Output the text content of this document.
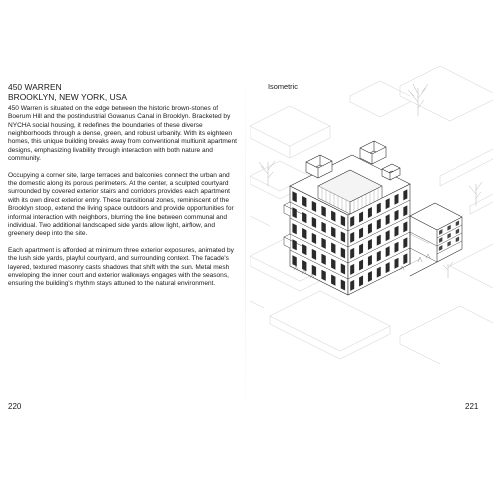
450 WARREN
BROOKLYN, NEW YORK, USA

450 Warren is situated on the edge between the historic brown-stones of Boerum Hill and the postindustrial Gowanus Canal in Brooklyn. Bracketed by NYCHA social housing, it redefines the boundaries of these diverse neighborhoods through a dense, green, and robust urbanity. With its eighteen homes, this unique building breaks away from conventional multiunit apartment designs, emphasizing livability through interaction with both nature and community.

Occupying a corner site, large terraces and balconies connect the urban and the domestic along its porous perimeters. At the center, a sculpted courtyard surrounded by covered exterior stairs and corridors provides each apartment with its own direct exterior entry. These transitional zones, reminiscent of the Brooklyn stoop, extend the living space outdoors and provide opportunities for informal interaction with neighbors, blurring the line between communal and individual. Two additional landscaped side yards allow light, airflow, and greenery deep into the site.

Each apartment is afforded at minimum three exterior exposures, animated by the lush side yards, playful courtyard, and surrounding context. The facade's layered, textured masonry casts shadows that shift with the sun. Metal mesh enveloping the inner court and exterior walkways engages with the seasons, ensuring the building's rhythm stays attuned to the natural environment.

220
Isometric
221
